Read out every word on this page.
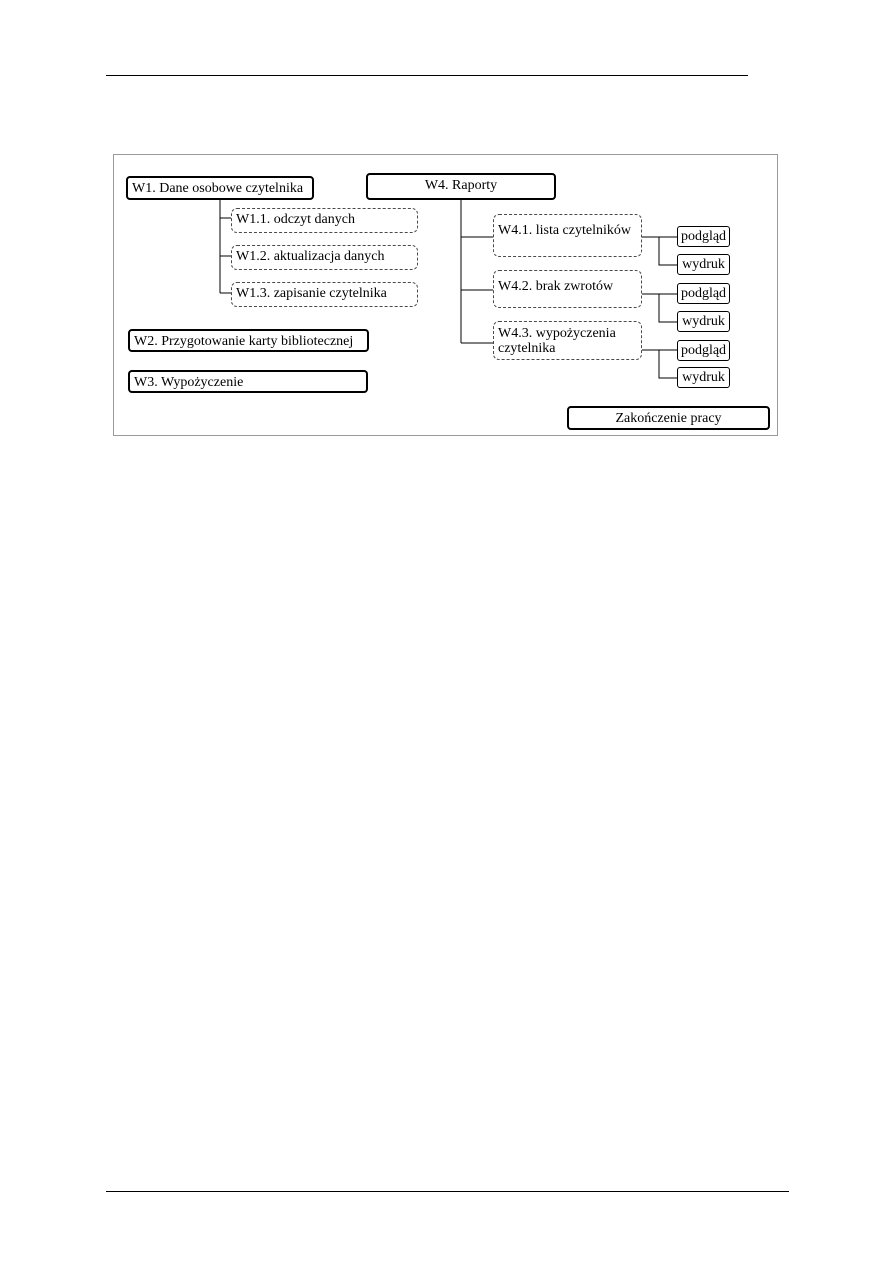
W1. Dane osobowe czytelnika
W1.1. odczyt danych
W1.2. aktualizacja danych
W1.3. zapisanie czytelnika
W2. Przygotowanie karty bibliotecznej
W3. Wypożyczenie
W4. Raporty
W4.1. lista czytelników
W4.2. brak zwrotów
W4.3. wypożyczenia
czytelnika
podgląd
wydruk
podgląd
wydruk
podgląd
wydruk
Zakończenie pracy
